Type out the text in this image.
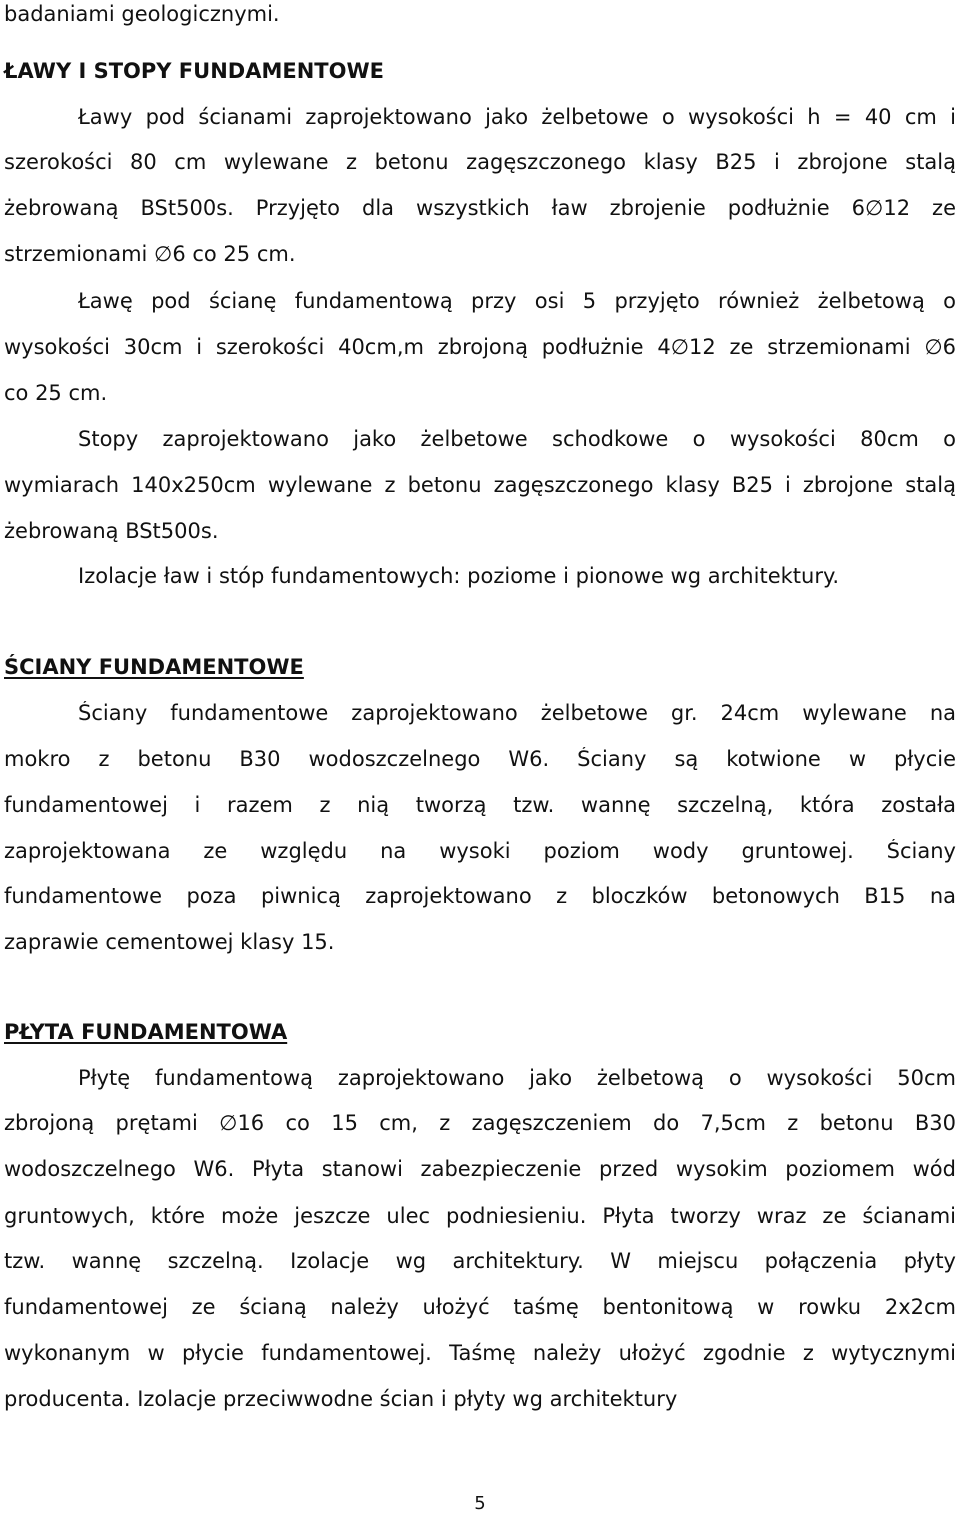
badaniami geologicznymi.

ŁAWY I STOPY FUNDAMENTOWE

Ławy pod ścianami zaprojektowano jako żelbetowe o wysokości h = 40 cm i

szerokości 80 cm wylewane z betonu zagęszczonego klasy B25 i zbrojone stalą

żebrowaną BSt500s. Przyjęto dla wszystkich ław zbrojenie podłużnie 6∅12 ze

strzemionami ∅6 co 25 cm.

Ławę pod ścianę fundamentową przy osi 5 przyjęto również żelbetową o

wysokości 30cm i szerokości 40cm,m zbrojoną podłużnie 4∅12 ze strzemionami ∅6

co 25 cm.

Stopy zaprojektowano jako żelbetowe schodkowe o wysokości 80cm o

wymiarach 140x250cm wylewane z betonu zagęszczonego klasy B25 i zbrojone stalą

żebrowaną BSt500s.

Izolacje ław i stóp fundamentowych: poziome i pionowe wg architektury.

ŚCIANY FUNDAMENTOWE

Ściany fundamentowe zaprojektowano żelbetowe gr. 24cm wylewane na

mokro z betonu B30 wodoszczelnego W6. Ściany są kotwione w płycie

fundamentowej i razem z nią tworzą tzw. wannę szczelną, która została

zaprojektowana ze względu na wysoki poziom wody gruntowej. Ściany

fundamentowe poza piwnicą zaprojektowano z bloczków betonowych B15 na

zaprawie cementowej klasy 15.

PŁYTA FUNDAMENTOWA

Płytę fundamentową zaprojektowano jako żelbetową o wysokości 50cm

zbrojoną prętami ∅16 co 15 cm, z zagęszczeniem do 7,5cm z betonu B30

wodoszczelnego W6. Płyta stanowi zabezpieczenie przed wysokim poziomem wód

gruntowych, które może jeszcze ulec podniesieniu. Płyta tworzy wraz ze ścianami

tzw. wannę szczelną. Izolacje wg architektury. W miejscu połączenia płyty

fundamentowej ze ścianą należy ułożyć taśmę bentonitową w rowku 2x2cm

wykonanym w płycie fundamentowej. Taśmę należy ułożyć zgodnie z wytycznymi

producenta. Izolacje przeciwwodne ścian i płyty wg architektury

5
